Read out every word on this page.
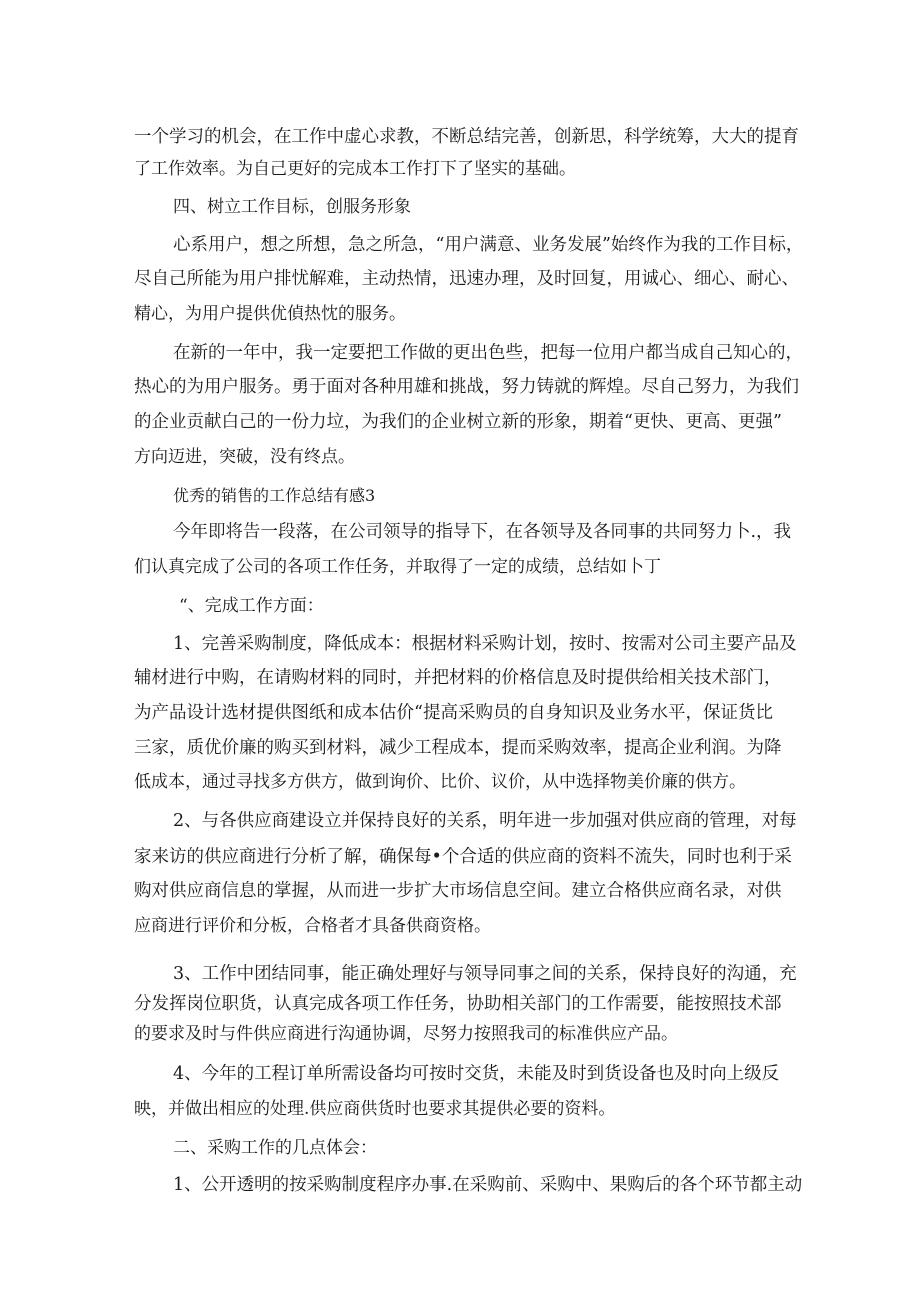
一个学习的机会，在工作中虚心求教，不断总结完善，创新思，科学统筹，大大的提育
了工作效率。为自己更好的完成本工作打下了坚实的基础。
四、树立工作目标，创服务形象
心系用户，想之所想，急之所急，“用户满意、业务发展”始终作为我的工作目标，
尽自己所能为用户排忧解难，主动热情，迅速办理，及时回复，用诚心、细心、耐心、
精心，为用户提供优偵热忱的服务。
在新的一年中，我一定要把工作做的更出色些，把每一位用户都当成自己知心的，
热心的为用户服务。勇于面对各种用雄和挑战，努力铸就的辉煌。尽自己努力，为我们
的企业贡献白己的一份力垃，为我们的企业树立新的形象，期着“更快、更高、更强”
方向迈进，突破，没有终点。
优秀的销售的工作总结有感3
今年即将告一段落，在公司领导的指导下，在各领导及各同事的共同努力卜.，我
们认真完成了公司的各项工作任务，并取得了一定的成绩，总结如卜丁
“、完成工作方面：
1、完善采购制度，降低成本：根据材料采购计划，按时、按需对公司主要产品及
辅材进行中购，在请购材料的同时，并把材料的价格信息及时提供给相关技术部门，
为产品设计选材提供图纸和成本估价“提高采购员的自身知识及业务水平，保证货比
三家，质优价廉的购买到材料，减少工程成本，提而采购效率，提高企业利润。为降
低成本，通过寻找多方供方，做到询价、比价、议价，从中选择物美价廉的供方。
2、与各供应商建设立并保持良好的关系，明年进一步加强对供应商的管理，对每
家来访的供应商进行分析了解，确保每•个合适的供应商的资料不流失，同时也利于采
购对供应商信息的掌握，从而进一步扩大市场信息空间。建立合格供应商名录，对供
应商进行评价和分板，合格者才具备供商资格。
3、工作中团结同事，能正确处理好与领导同事之间的关系，保持良好的沟通，充
分发挥岗位职货，认真完成各项工作任务，协助相关部门的工作需要，能按照技术部
的要求及时与件供应商进行沟通协调，尽努力按照我司的标准供应产品。
4、今年的工程订单所需设备均可按时交货，未能及时到货设备也及时向上级反
映，并做出相应的处理.供应商供货时也要求其提供必要的资料。
二、采购工作的几点体会：
1、公开透明的按采购制度程序办事.在采购前、采购中、果购后的各个环节都主动
